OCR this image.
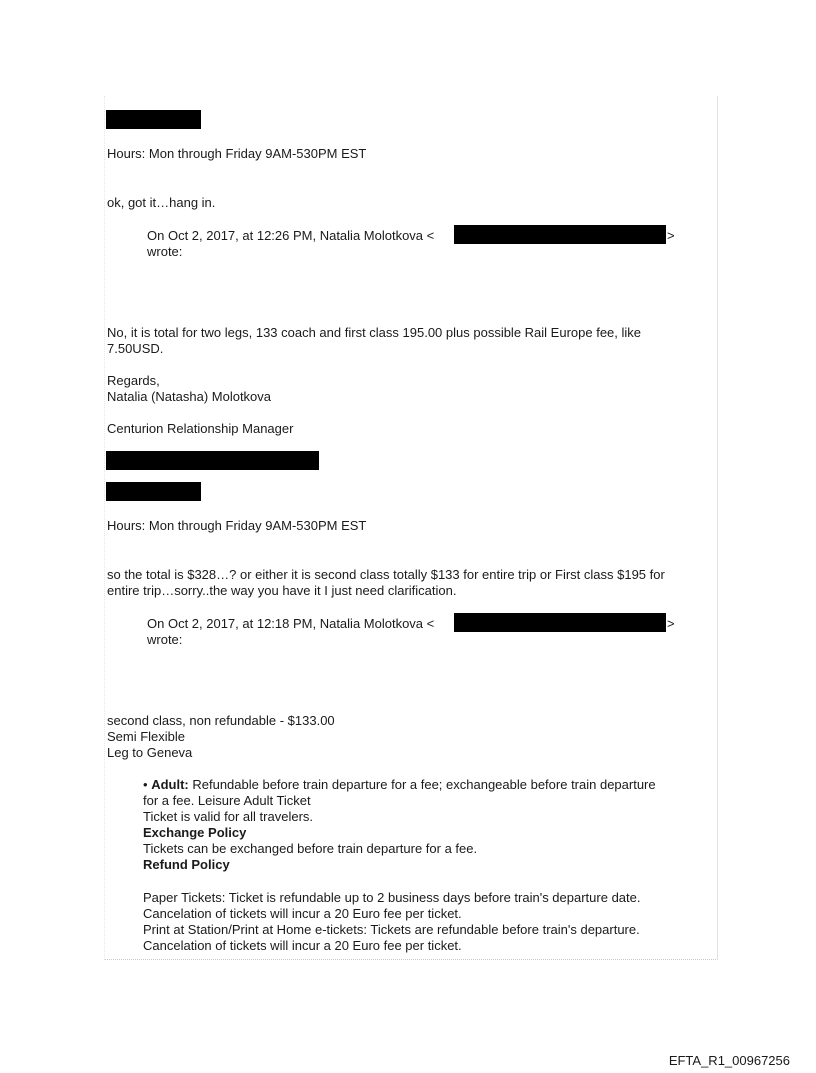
Hours: Mon through Friday 9AM-530PM EST
ok, got it…hang in.
On Oct 2, 2017, at 12:26 PM, Natalia Molotkova <	>
wrote:
No, it is total for two legs, 133 coach and first class 195.00 plus possible Rail Europe fee, like
7.50USD.
Regards,
Natalia (Natasha) Molotkova
Centurion Relationship Manager
Hours: Mon through Friday 9AM-530PM EST
so the total is $328…? or either it is second class totally $133 for entire trip or First class $195 for
entire trip…sorry..the way you have it I just need clarification.
On Oct 2, 2017, at 12:18 PM, Natalia Molotkova <	>
wrote:
second class, non refundable - $133.00
Semi Flexible
Leg to Geneva
• Adult: Refundable before train departure for a fee; exchangeable before train departure
for a fee. Leisure Adult Ticket
Ticket is valid for all travelers.
Exchange Policy
Tickets can be exchanged before train departure for a fee.
Refund Policy
Paper Tickets: Ticket is refundable up to 2 business days before train's departure date.
Cancelation of tickets will incur a 20 Euro fee per ticket.
Print at Station/Print at Home e-tickets: Tickets are refundable before train's departure.
Cancelation of tickets will incur a 20 Euro fee per ticket.
EFTA_R1_00967256
